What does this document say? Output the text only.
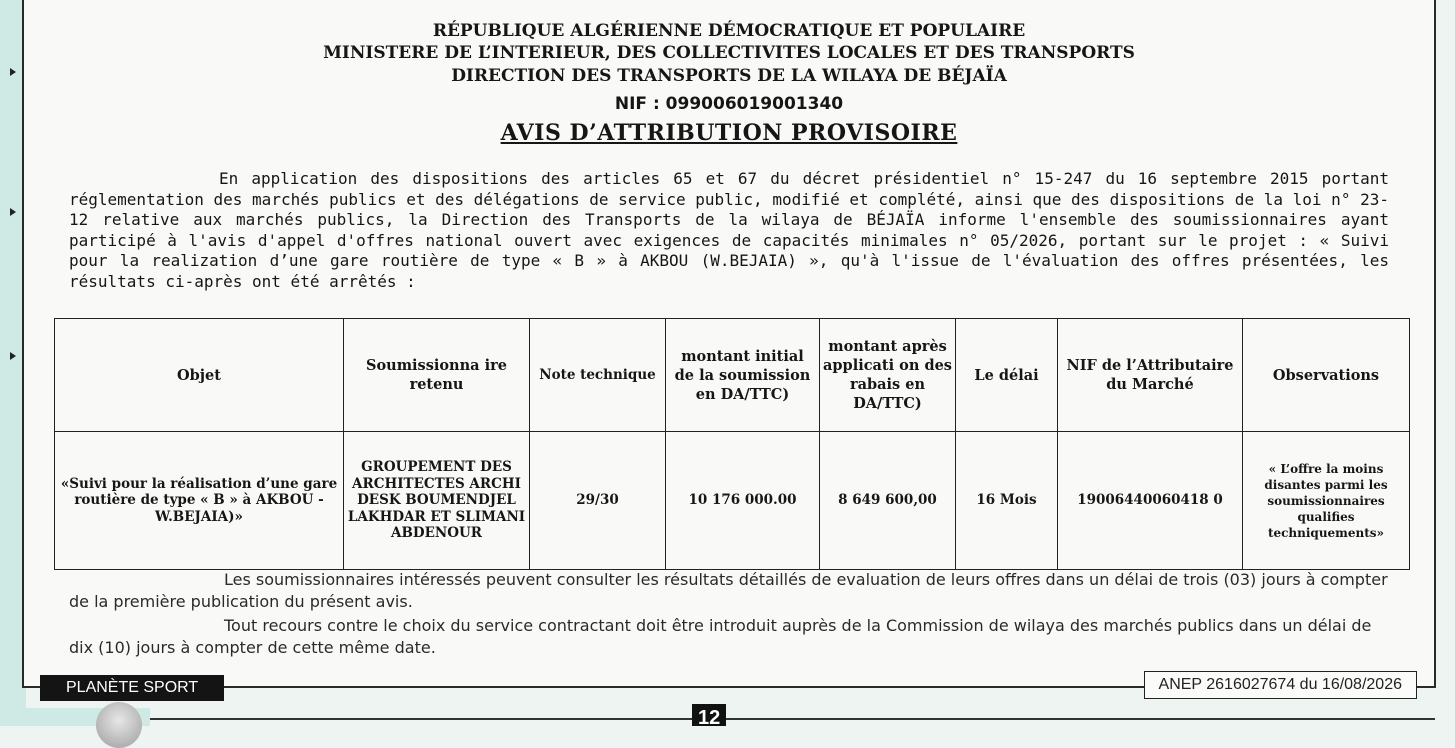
RÉPUBLIQUE ALGÉRIENNE DÉMOCRATIQUE ET POPULAIRE
MINISTERE DE L’INTERIEUR, DES COLLECTIVITES LOCALES ET DES TRANSPORTS
DIRECTION DES TRANSPORTS DE LA WILAYA DE BÉJAÏA
NIF : 099006019001340
AVIS D’ATTRIBUTION PROVISOIRE
En application des dispositions des articles 65 et 67 du décret présidentiel n° 15-247 du 16 septembre 2015 portant réglementation des marchés publics et des délégations de service public, modifié et complété, ainsi que des dispositions de la loi n° 23-12 relative aux marchés publics, la Direction des Transports de la wilaya de BÉJAÏA informe l'ensemble des soumissionnaires ayant participé à l'avis d'appel d'offres national ouvert avec exigences de capacités minimales n° 05/2026, portant sur le projet : « Suivi pour la realization d’une gare routière de type « B » à AKBOU (W.BEJAIA) », qu'à l'issue de l'évaluation des offres présentées, les résultats ci-après ont été arrêtés :
Objet	Soumissionna ire retenu	Note technique	montant initial de la soumission en DA/TTC)	montant après applicati on des rabais en DA/TTC)	Le délai	NIF de l’Attributaire du Marché	Observations
«Suivi pour la réalisation d’une gare routière de type « B » à AKBOU - W.BEJAIA)»	GROUPEMENT DES ARCHITECTES ARCHI DESK BOUMENDJEL LAKHDAR ET SLIMANI ABDENOUR	29/30	10 176 000.00	8 649 600,00	16 Mois	19006440060418 0	« L’offre la moins disantes parmi les soumissionnaires qualifies techniquements»
Les soumissionnaires intéressés peuvent consulter les résultats détaillés de evaluation de leurs offres dans un délai de trois (03) jours à compter de la première publication du présent avis.
Tout recours contre le choix du service contractant doit être introduit auprès de la Commission de wilaya des marchés publics dans un délai de dix (10) jours à compter de cette même date.
PLANÈTE SPORT	ANEP 2616027674 du 16/08/2026
12
